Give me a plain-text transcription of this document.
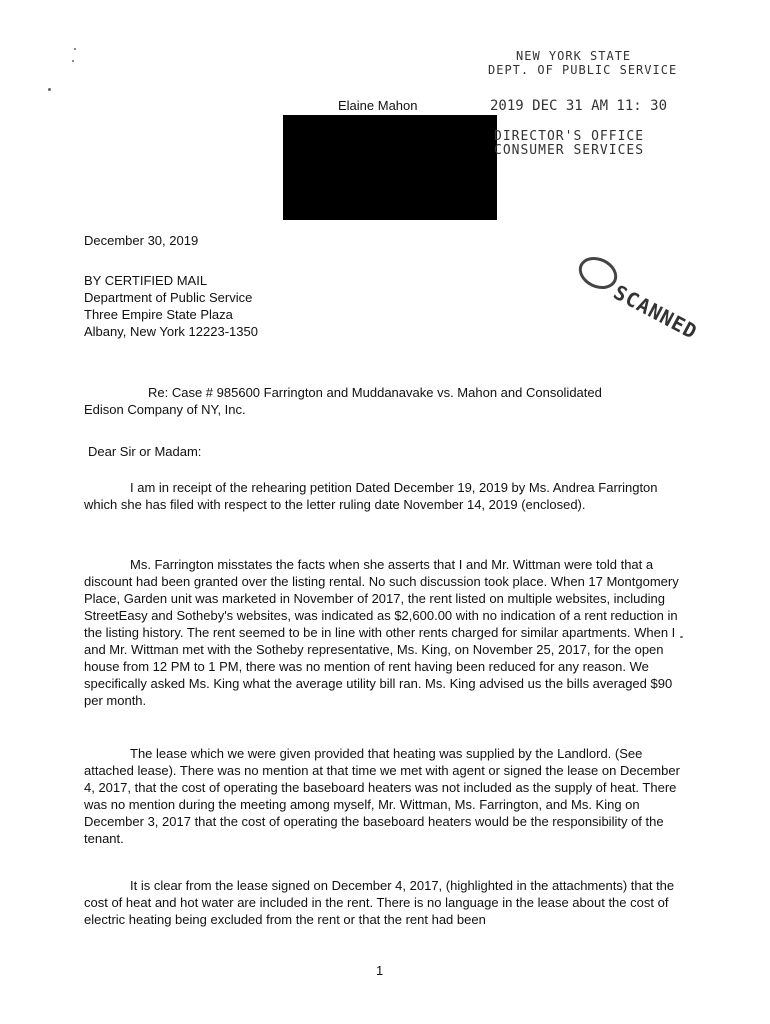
Elaine Mahon
NEW YORK STATE
DEPT. OF PUBLIC SERVICE
2019 DEC 31 AM 11: 30
DIRECTOR'S OFFICE
CONSUMER SERVICES
SCANNED
December 30, 2019
BY CERTIFIED MAIL
Department of Public Service
Three Empire State Plaza
Albany, New York 12223-1350
Re: Case # 985600 Farrington and Muddanavake vs. Mahon and Consolidated
Edison Company of NY, Inc.
Dear Sir or Madam:

I am in receipt of the rehearing petition Dated December 19, 2019 by Ms. Andrea Farrington which she has filed with respect to the letter ruling date November 14, 2019 (enclosed).

Ms. Farrington misstates the facts when she asserts that I and Mr. Wittman were told that a discount had been granted over the listing rental. No such discussion took place. When 17 Montgomery Place, Garden unit was marketed in November of 2017, the rent listed on multiple websites, including StreetEasy and Sotheby's websites, was indicated as $2,600.00 with no indication of a rent reduction in the listing history. The rent seemed to be in line with other rents charged for similar apartments. When I and Mr. Wittman met with the Sotheby representative, Ms. King, on November 25, 2017, for the open house from 12 PM to 1 PM, there was no mention of rent having been reduced for any reason. We specifically asked Ms. King what the average utility bill ran. Ms. King advised us the bills averaged $90 per month.

The lease which we were given provided that heating was supplied by the Landlord. (See attached lease). There was no mention at that time we met with agent or signed the lease on December 4, 2017, that the cost of operating the baseboard heaters was not included as the supply of heat. There was no mention during the meeting among myself, Mr. Wittman, Ms. Farrington, and Ms. King on December 3, 2017 that the cost of operating the baseboard heaters would be the responsibility of the tenant.

It is clear from the lease signed on December 4, 2017, (highlighted in the attachments) that the cost of heat and hot water are included in the rent. There is no language in the lease about the cost of electric heating being excluded from the rent or that the rent had been

1
